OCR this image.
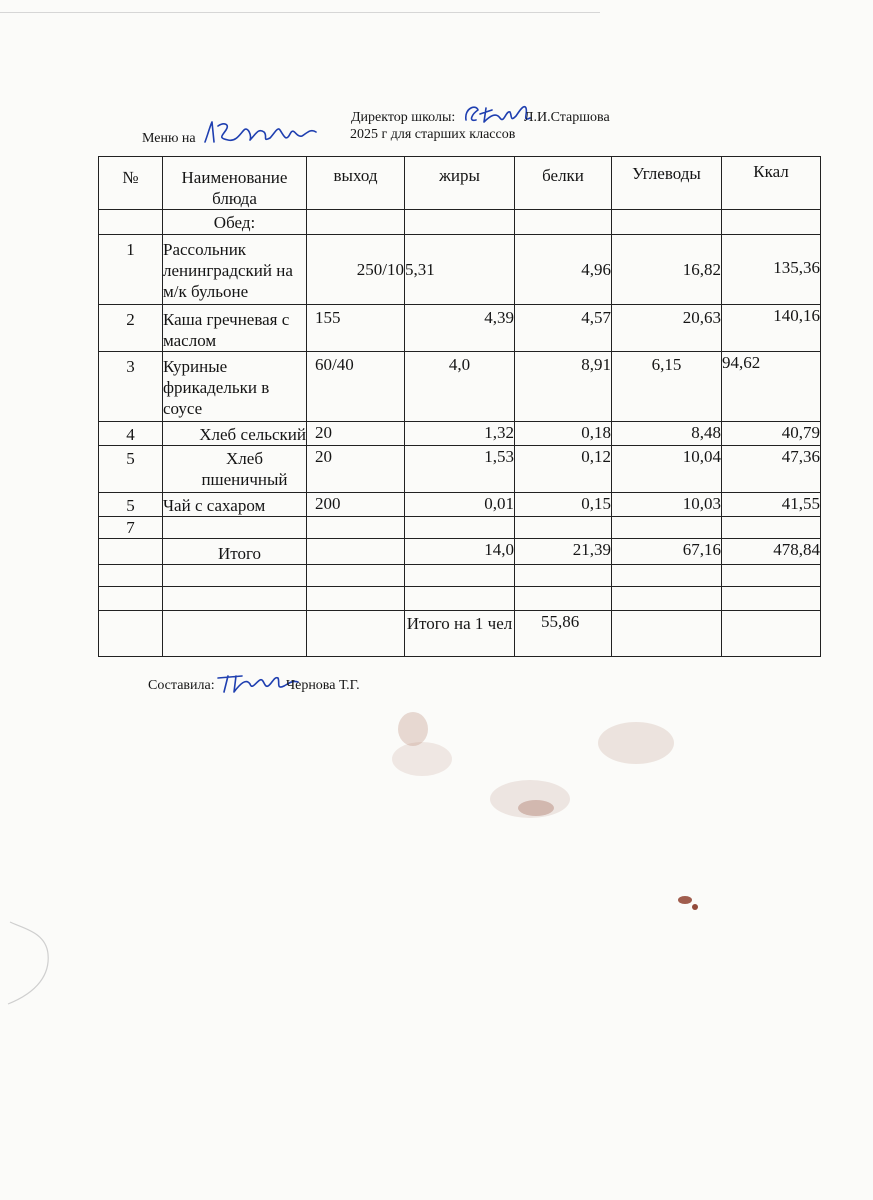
Меню на
Директор школы:	Л.И.Старшова
2025 г для старших классов
№	Наименование блюда	выход	жиры	белки	Углеводы	Ккал
	Обед:					
1	Рассольник ленинградский на м/к бульоне	250/10	5,31	4,96	16,82	135,36
2	Каша гречневая с маслом	155	4,39	4,57	20,63	140,16
3	Куриные фрикадельки в соусе	60/40	4,0	8,91	6,15	94,62
4	Хлеб сельский	20	1,32	0,18	8,48	40,79
5	Хлеб пшеничный	20	1,53	0,12	10,04	47,36
5	Чай с сахаром	200	0,01	0,15	10,03	41,55
7						
	Итого		14,0	21,39	67,16	478,84

			Итого на 1 чел	55,86		
Составила:	Чернова Т.Г.
